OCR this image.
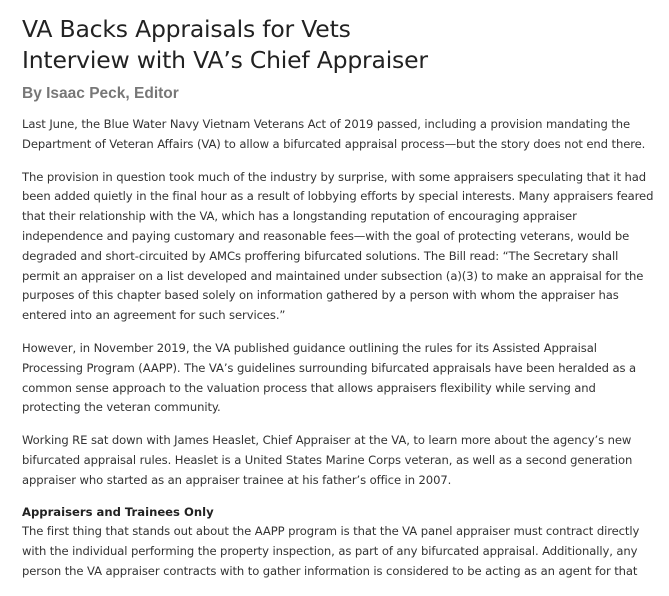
VA Backs Appraisals for Vets
Interview with VA’s Chief Appraiser
By Isaac Peck, Editor

Last June, the Blue Water Navy Vietnam Veterans Act of 2019 passed, including a provision mandating the
Department of Veteran Affairs (VA) to allow a bifurcated appraisal process—but the story does not end there.

The provision in question took much of the industry by surprise, with some appraisers speculating that it had
been added quietly in the final hour as a result of lobbying efforts by special interests. Many appraisers feared
that their relationship with the VA, which has a longstanding reputation of encouraging appraiser
independence and paying customary and reasonable fees—with the goal of protecting veterans, would be
degraded and short-circuited by AMCs proffering bifurcated solutions. The Bill read: “The Secretary shall
permit an appraiser on a list developed and maintained under subsection (a)(3) to make an appraisal for the
purposes of this chapter based solely on information gathered by a person with whom the appraiser has
entered into an agreement for such services.”

However, in November 2019, the VA published guidance outlining the rules for its Assisted Appraisal
Processing Program (AAPP). The VA’s guidelines surrounding bifurcated appraisals have been heralded as a
common sense approach to the valuation process that allows appraisers flexibility while serving and
protecting the veteran community.

Working RE sat down with James Heaslet, Chief Appraiser at the VA, to learn more about the agency’s new
bifurcated appraisal rules. Heaslet is a United States Marine Corps veteran, as well as a second generation
appraiser who started as an appraiser trainee at his father’s office in 2007.

Appraisers and Trainees Only

The first thing that stands out about the AAPP program is that the VA panel appraiser must contract directly
with the individual performing the property inspection, as part of any bifurcated appraisal. Additionally, any
person the VA appraiser contracts with to gather information is considered to be acting as an agent for that
